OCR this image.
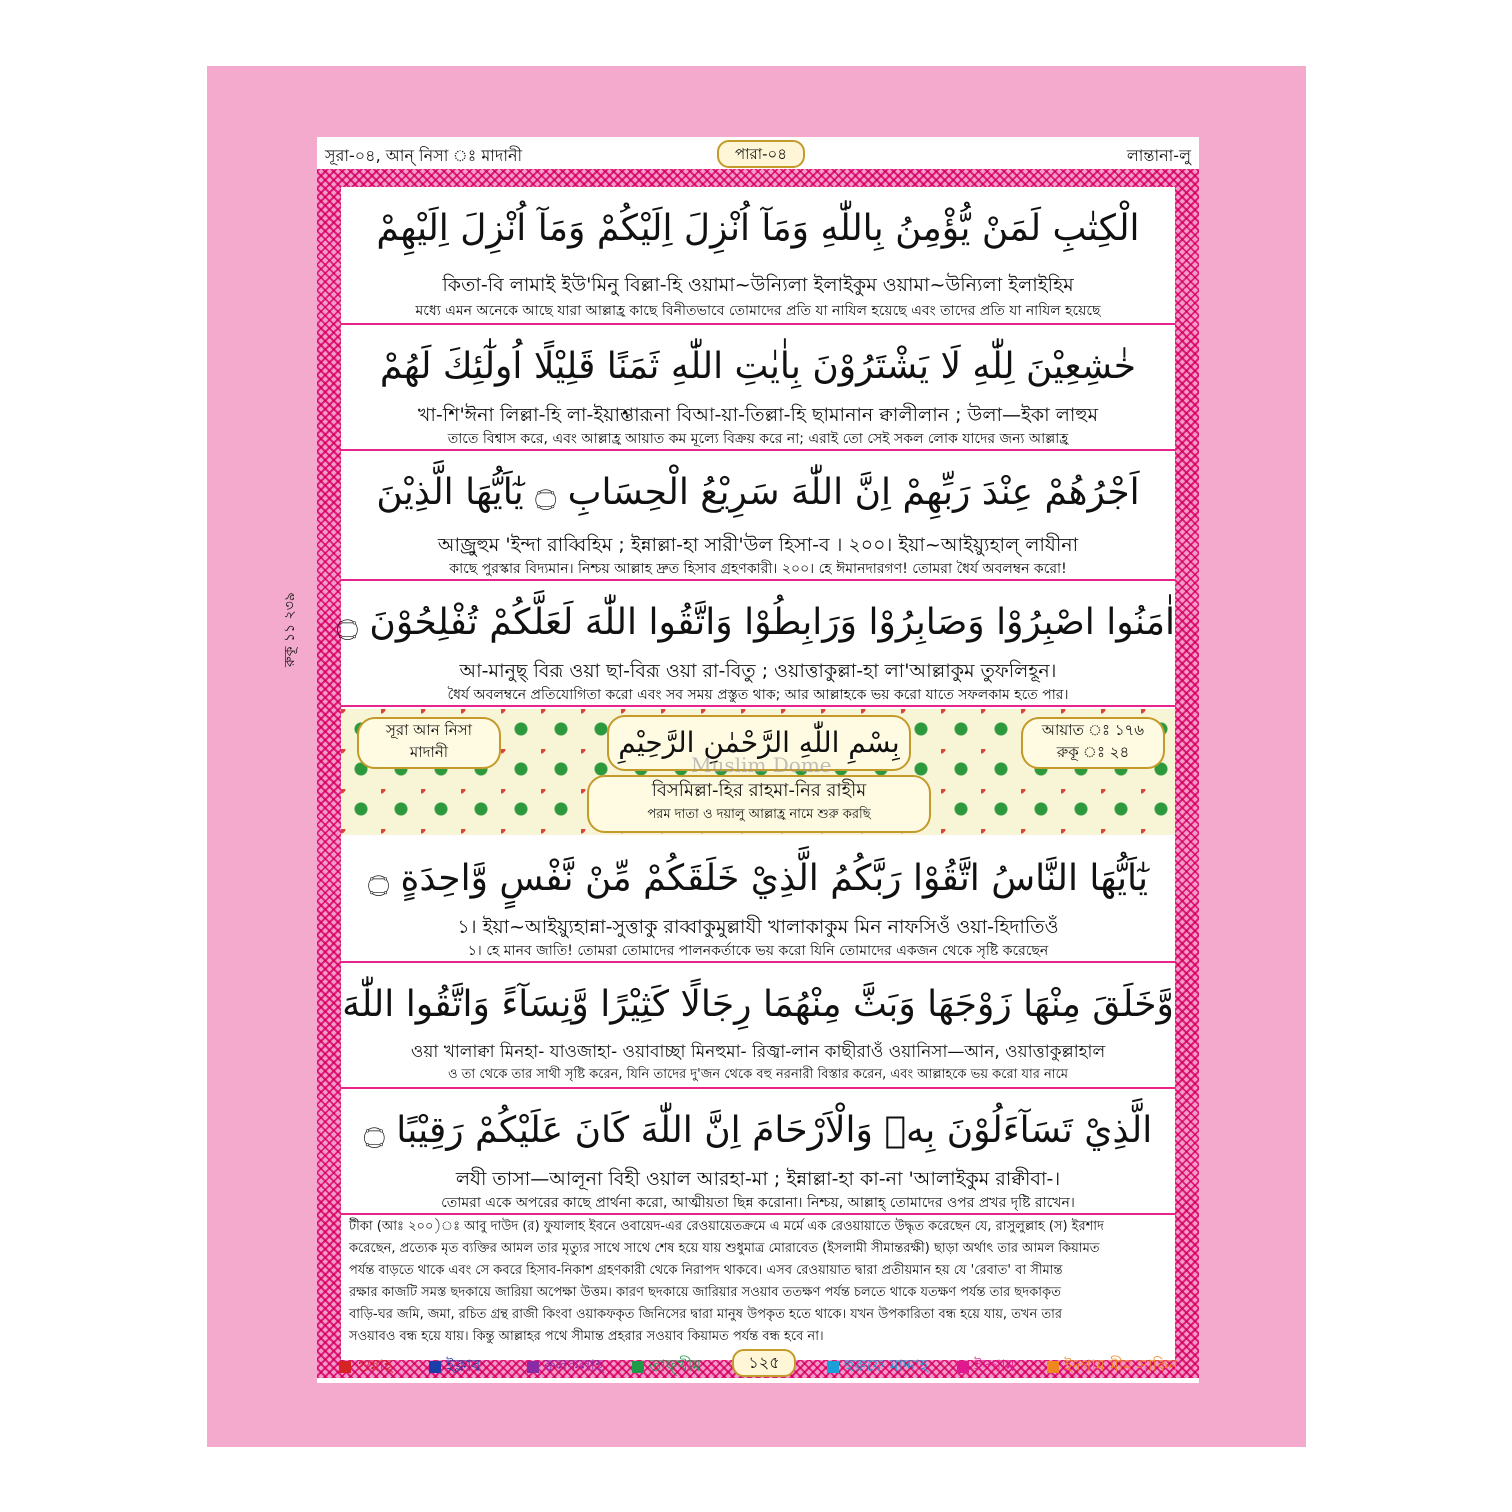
রুকূ ১১ ২৩৯
সূরা-০৪, আন্ নিসা ঃ মাদানী	পারা-০৪	লান্তানা-লু
الْكِتٰبِ لَمَنْ يُّؤْمِنُ بِاللّٰهِ وَمَآ اُنْزِلَ اِلَيْكُمْ وَمَآ اُنْزِلَ اِلَيْهِمْ
কিতা-বি লামাই ইউ'মিনু বিল্লা-হি ওয়ামা~উন্যিলা ইলাইকুম ওয়ামা~উন্যিলা ইলাইহিম
মধ্যে এমন অনেকে আছে যারা আল্লাহ্র কাছে বিনীতভাবে তোমাদের প্রতি যা নাযিল হয়েছে এবং তাদের প্রতি যা নাযিল হয়েছে
خٰشِعِيْنَ لِلّٰهِ لَا يَشْتَرُوْنَ بِاٰيٰتِ اللّٰهِ ثَمَنًا قَلِيْلًا اُولٰٓئِكَ لَهُمْ
খা-শি'ঈনা লিল্লা-হি লা-ইয়াশ্তারূনা বিআ-য়া-তিল্লা-হি ছামানান ক্বালীলান ; উলা—ইকা লাহুম
তাতে বিশ্বাস করে, এবং আল্লাহ্র আয়াত কম মূল্যে বিক্রয় করে না; এরাই তো সেই সকল লোক যাদের জন্য আল্লাহ্র
اَجْرُهُمْ عِنْدَ رَبِّهِمْ اِنَّ اللّٰهَ سَرِيْعُ الْحِسَابِ ۝ يٰٓاَيُّهَا الَّذِيْنَ
আজ্রুহুম 'ইন্দা রাব্বিহিম ; ইন্নাল্লা-হা সারী'উল হিসা-ব । ২০০। ইয়া~আইয়্যুহাল্ লাযীনা
কাছে পুরস্কার বিদ্যমান। নিশ্চয় আল্লাহ দ্রুত হিসাব গ্রহণকারী। ২০০। হে ঈমানদারগণ! তোমরা ধৈর্য অবলম্বন করো!
اٰمَنُوا اصْبِرُوْا وَصَابِرُوْا وَرَابِطُوْا وَاتَّقُوا اللّٰهَ لَعَلَّكُمْ تُفْلِحُوْنَ ۝
আ-মানুছ্ বিরূ ওয়া ছা-বিরূ ওয়া রা-বিতু ; ওয়াত্তাকুল্লা-হা লা'আল্লাকুম তুফলিহূন।
ধৈর্য অবলম্বনে প্রতিযোগিতা করো এবং সব সময় প্রস্তুত থাক; আর আল্লাহকে ভয় করো যাতে সফলকাম হতে পার।
সূরা আন নিসা
মাদানী	بِسْمِ اللّٰهِ الرَّحْمٰنِ الرَّحِيْمِ	আয়াত ঃ ১৭৬
রুকূ ঃ ২৪
বিসমিল্লা-হির রাহমা-নির রাহীম
পরম দাতা ও দয়ালু আল্লাহ্র নামে শুরু করছি
Muslim Dome
يٰٓاَيُّهَا النَّاسُ اتَّقُوْا رَبَّكُمُ الَّذِيْ خَلَقَكُمْ مِّنْ نَّفْسٍ وَّاحِدَةٍ ۝
১। ইয়া~আইয়্যুহান্না-সুত্তাকু রাব্বাকুমুল্লাযী খালাকাকুম মিন নাফসিওঁ ওয়া-হিদাতিওঁ
১। হে মানব জাতি! তোমরা তোমাদের পালনকর্তাকে ভয় করো যিনি তোমাদের একজন থেকে সৃষ্টি করেছেন
وَّخَلَقَ مِنْهَا زَوْجَهَا وَبَثَّ مِنْهُمَا رِجَالًا كَثِيْرًا وَّنِسَآءً وَاتَّقُوا اللّٰهَ
ওয়া খালাক্বা মিনহা- যাওজাহা- ওয়াবাচ্ছা মিনহুমা- রিজ্বা-লান কাছীরাওঁ ওয়ানিসা—আন, ওয়াত্তাকুল্লাহাল
ও তা থেকে তার সাথী সৃষ্টি করেন, যিনি তাদের দু'জন থেকে বহু নরনারী বিস্তার করেন, এবং আল্লাহকে ভয় করো যার নামে
الَّذِيْ تَسَآءَلُوْنَ بِهٖ وَالْاَرْحَامَ اِنَّ اللّٰهَ كَانَ عَلَيْكُمْ رَقِيْبًا ۝
লযী তাসা—আলূনা বিহী ওয়াল আরহা-মা ; ইন্নাল্লা-হা কা-না 'আলাইকুম রাক্বীবা-।
তোমরা একে অপরের কাছে প্রার্থনা করো, আত্মীয়তা ছিন্ন করোনা। নিশ্চয়, আল্লাহ্ তোমাদের ওপর প্রখর দৃষ্টি রাখেন।
টীকা (আঃ ২০০)ঃ আবু দাউদ (র) ফুযালাহ ইবনে ওবায়েদ-এর রেওয়ায়েতক্রমে এ মর্মে এক রেওয়ায়াতে উদ্ধৃত করেছেন যে, রাসুলুল্লাহ (স) ইরশাদ
করেছেন, প্রত্যেক মৃত ব্যক্তির আমল তার মৃত্যুর সাথে সাথে শেষ হয়ে যায় শুধুমাত্র মোরাবেত (ইসলামী সীমান্তরক্ষী) ছাড়া অর্থাৎ তার আমল কিয়ামত
পর্যন্ত বাড়তে থাকে এবং সে কবরে হিসাব-নিকাশ গ্রহণকারী থেকে নিরাপদ থাকবে। এসব রেওয়ায়াত দ্বারা প্রতীয়মান হয় যে 'রেবাত' বা সীমান্ত
রক্ষার কাজটি সমস্ত ছদকায়ে জারিয়া অপেক্ষা উত্তম। কারণ ছদকায়ে জারিয়ার সওয়াব ততক্ষণ পর্যন্ত চলতে থাকে যতক্ষণ পর্যন্ত তার ছদকাকৃত
বাড়ি-ঘর জমি, জমা, রচিত গ্রন্থ রাজী কিংবা ওয়াকফকৃত জিনিসের দ্বারা মানুষ উপকৃত হতে থাকে। যখন উপকারিতা বন্ধ হয়ে যায়, তখন তার
সওয়াবও বন্ধ হয়ে যায়। কিন্তু আল্লাহর পথে সীমান্ত প্রহরার সওয়াব কিয়ামত পর্যন্ত বন্ধ হবে না।
গুন্নাহ	ইক্লাব	ক্বলকলাহ	তাফ্খীম	১২৫	হুরুফে মাদ্দাহ	ইদগাম	ইদগাম মীম সাকিন
